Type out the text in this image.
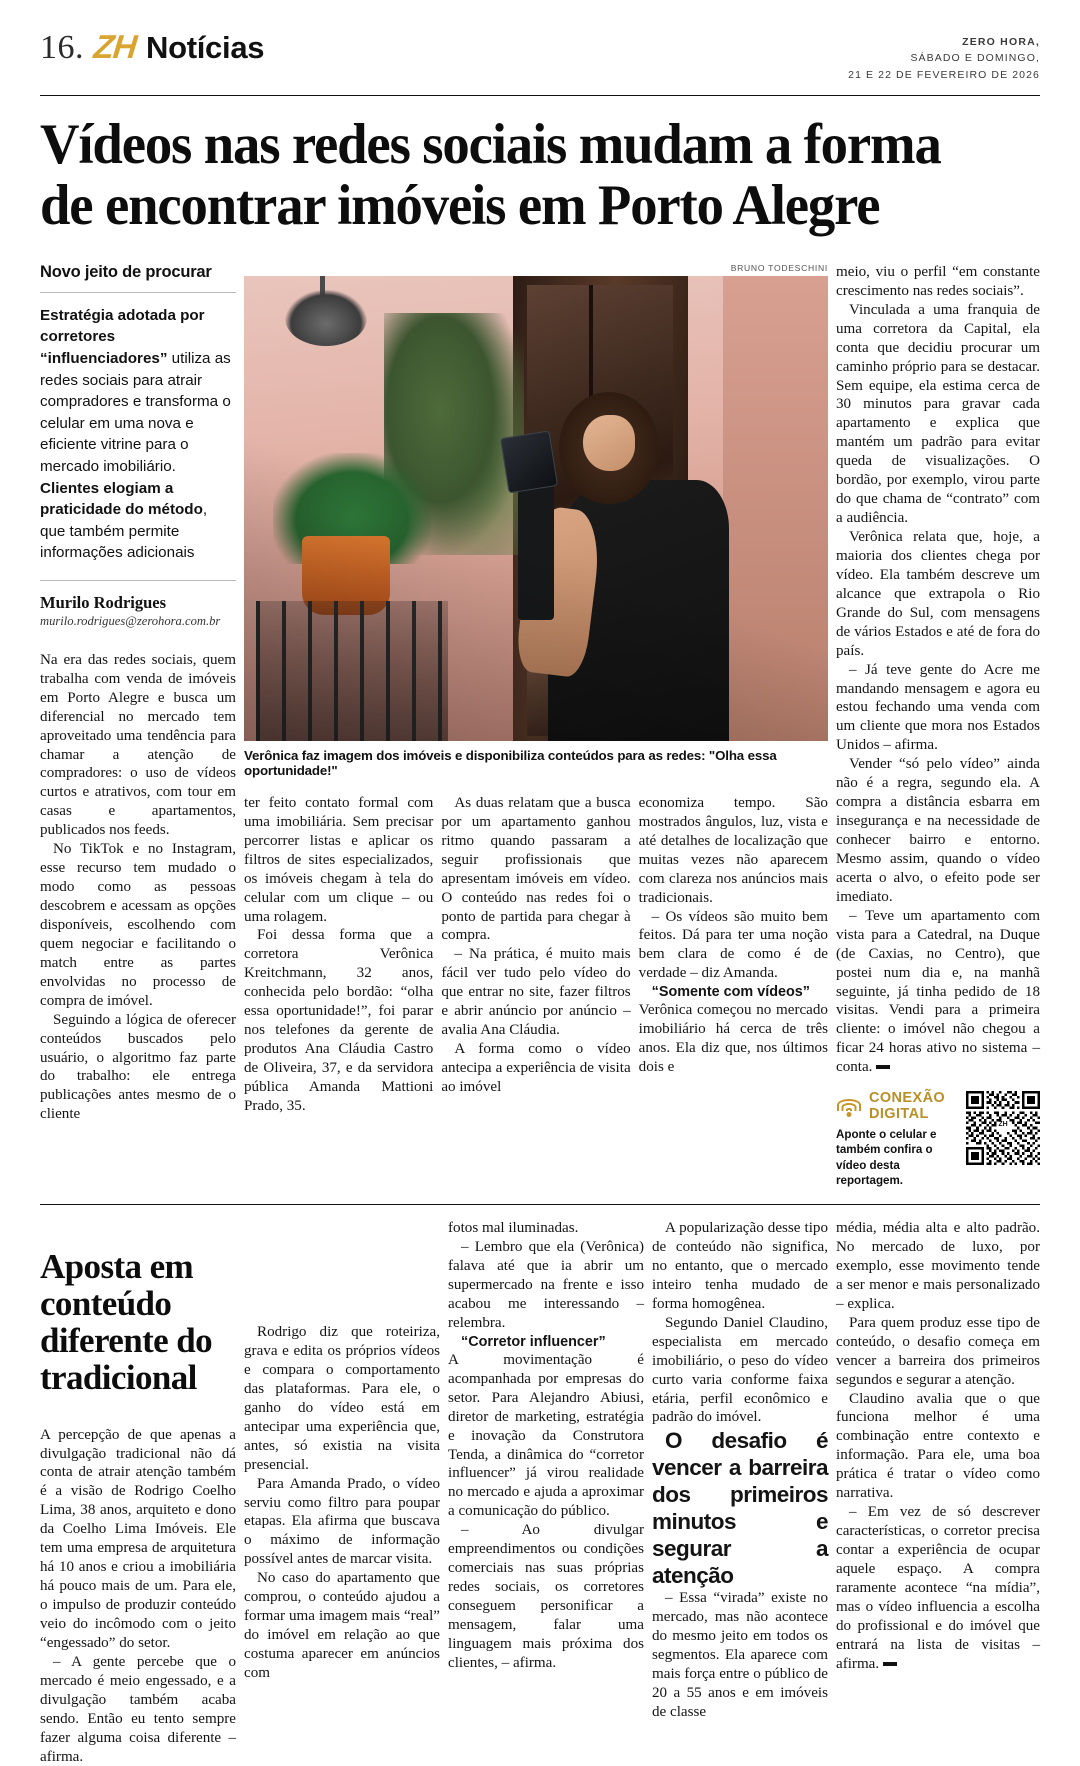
16. ZH Notícias	ZERO HORA,
SÁBADO E DOMINGO,
21 E 22 DE FEVEREIRO DE 2026
Vídeos nas redes sociais mudam a forma de encontrar imóveis em Porto Alegre
Novo jeito de procurar
Estratégia adotada por corretores “influenciadores” utiliza as redes sociais para atrair compradores e transforma o celular em uma nova e eficiente vitrine para o mercado imobiliário. Clientes elogiam a praticidade do método, que também permite informações adicionais
Murilo Rodrigues
murilo.rodrigues@zerohora.com.br

Na era das redes sociais, quem trabalha com venda de imóveis em Porto Alegre e busca um diferencial no mercado tem aproveitado uma tendência para chamar a atenção de compradores: o uso de vídeos curtos e atrativos, com tour em casas e apartamentos, publicados nos feeds.

No TikTok e no Instagram, esse recurso tem mudado o modo como as pessoas descobrem e acessam as opções disponíveis, escolhendo com quem negociar e facilitando o match entre as partes envolvidas no processo de compra de imóvel.

Seguindo a lógica de oferecer conteúdos buscados pelo usuário, o algoritmo faz parte do trabalho: ele entrega publicações antes mesmo de o cliente

BRUNO TODESCHINI
Verônica faz imagem dos imóveis e disponibiliza conteúdos para as redes: "Olha essa oportunidade!"

ter feito contato formal com uma imobiliária. Sem precisar percorrer listas e aplicar os filtros de sites especializados, os imóveis chegam à tela do celular com um clique – ou uma rolagem.

Foi dessa forma que a corretora Verônica Kreitchmann, 32 anos, conhecida pelo bordão: “olha essa oportunidade!”, foi parar nos telefones da gerente de produtos Ana Cláudia Castro de Oliveira, 37, e da servidora pública Amanda Mattioni Prado, 35.

As duas relatam que a busca por um apartamento ganhou ritmo quando passaram a seguir profissionais que apresentam imóveis em vídeo. O conteúdo nas redes foi o ponto de partida para chegar à compra.

– Na prática, é muito mais fácil ver tudo pelo vídeo do que entrar no site, fazer filtros e abrir anúncio por anúncio – avalia Ana Cláudia.

A forma como o vídeo antecipa a experiência de visita ao imóvel

economiza tempo. São mostrados ângulos, luz, vista e até detalhes de localização que muitas vezes não aparecem com clareza nos anúncios mais tradicionais.

– Os vídeos são muito bem feitos. Dá para ter uma noção bem clara de como é de verdade – diz Amanda.

“Somente com vídeos”

Verônica começou no mercado imobiliário há cerca de três anos. Ela diz que, nos últimos dois e

meio, viu o perfil “em constante crescimento nas redes sociais”.

Vinculada a uma franquia de uma corretora da Capital, ela conta que decidiu procurar um caminho próprio para se destacar. Sem equipe, ela estima cerca de 30 minutos para gravar cada apartamento e explica que mantém um padrão para evitar queda de visualizações. O bordão, por exemplo, virou parte do que chama de “contrato” com a audiência.

Verônica relata que, hoje, a maioria dos clientes chega por vídeo. Ela também descreve um alcance que extrapola o Rio Grande do Sul, com mensagens de vários Estados e até de fora do país.

– Já teve gente do Acre me mandando mensagem e agora eu estou fechando uma venda com um cliente que mora nos Estados Unidos – afirma.

Vender “só pelo vídeo” ainda não é a regra, segundo ela. A compra a distância esbarra em insegurança e na necessidade de conhecer bairro e entorno. Mesmo assim, quando o vídeo acerta o alvo, o efeito pode ser imediato.

– Teve um apartamento com vista para a Catedral, na Duque (de Caxias, no Centro), que postei num dia e, na manhã seguinte, já tinha pedido de 18 visitas. Vendi para a primeira cliente: o imóvel não chegou a ficar 24 horas ativo no sistema – conta.

CONEXÃO
DIGITAL
Aponte o celular e também confira o vídeo desta reportagem.
ZH
Aposta em conteúdo diferente do tradicional

A percepção de que apenas a divulgação tradicional não dá conta de atrair atenção também é a visão de Rodrigo Coelho Lima, 38 anos, arquiteto e dono da Coelho Lima Imóveis. Ele tem uma empresa de arquitetura há 10 anos e criou a imobiliária há pouco mais de um. Para ele, o impulso de produzir conteúdo veio do incômodo com o jeito “engessado” do setor.

– A gente percebe que o mercado é meio engessado, e a divulgação também acaba sendo. Então eu tento sempre fazer alguma coisa diferente – afirma.

Rodrigo diz que roteiriza, grava e edita os próprios vídeos e compara o comportamento das plataformas. Para ele, o ganho do vídeo está em antecipar uma experiência que, antes, só existia na visita presencial.

Para Amanda Prado, o vídeo serviu como filtro para poupar etapas. Ela afirma que buscava o máximo de informação possível antes de marcar visita.

No caso do apartamento que comprou, o conteúdo ajudou a formar uma imagem mais “real” do imóvel em relação ao que costuma aparecer em anúncios com

fotos mal iluminadas.

– Lembro que ela (Verônica) falava até que ia abrir um supermercado na frente e isso acabou me interessando – relembra.

“Corretor influencer”

A movimentação é acompanhada por empresas do setor. Para Alejandro Abiusi, diretor de marketing, estratégia e inovação da Construtora Tenda, a dinâmica do “corretor influencer” já virou realidade no mercado e ajuda a aproximar a comunicação do público.

– Ao divulgar empreendimentos ou condições comerciais nas suas próprias redes sociais, os corretores conseguem personificar a mensagem, falar uma linguagem mais próxima dos clientes, – afirma.

A popularização desse tipo de conteúdo não significa, no entanto, que o mercado inteiro tenha mudado de forma homogênea.

Segundo Daniel Claudino, especialista em mercado imobiliário, o peso do vídeo curto varia conforme faixa etária, perfil econômico e padrão do imóvel.

O desafio é vencer a barreira dos primeiros minutos e segurar a atenção

– Essa “virada” existe no mercado, mas não acontece do mesmo jeito em todos os segmentos. Ela aparece com mais força entre o público de 20 a 55 anos e em imóveis de classe

média, média alta e alto padrão. No mercado de luxo, por exemplo, esse movimento tende a ser menor e mais personalizado – explica.

Para quem produz esse tipo de conteúdo, o desafio começa em vencer a barreira dos primeiros segundos e segurar a atenção.

Claudino avalia que o que funciona melhor é uma combinação entre contexto e informação. Para ele, uma boa prática é tratar o vídeo como narrativa.

– Em vez de só descrever características, o corretor precisa contar a experiência de ocupar aquele espaço. A compra raramente acontece “na mídia”, mas o vídeo influencia a escolha do profissional e do imóvel que entrará na lista de visitas – afirma.
